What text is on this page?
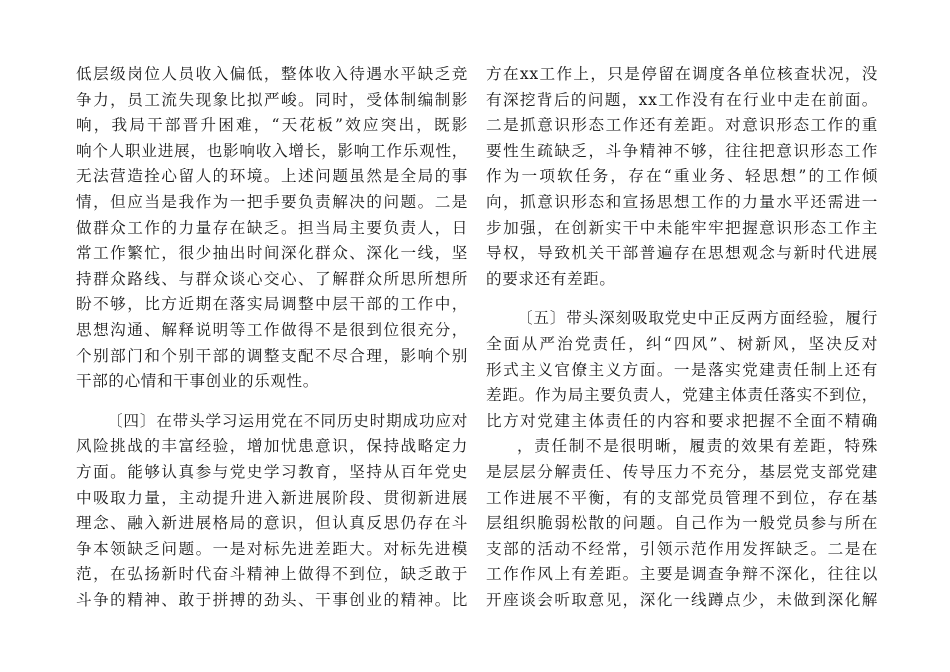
低层级岗位人员收入偏低，整体收入待遇水平缺乏竞
争力，员工流失现象比拟严峻。同时，受体制编制影
响，我局干部晋升困难，“天花板”效应突出，既影
响个人职业进展，也影响收入增长，影响工作乐观性，
无法营造拴心留人的环境。上述问题虽然是全局的事
情，但应当是我作为一把手要负责解决的问题。二是
做群众工作的力量存在缺乏。担当局主要负责人，日
常工作繁忙，很少抽出时间深化群众、深化一线，坚
持群众路线、与群众谈心交心、了解群众所思所想所
盼不够，比方近期在落实局调整中层干部的工作中，
思想沟通、解释说明等工作做得不是很到位很充分，
个别部门和个别干部的调整支配不尽合理，影响个别
干部的心情和干事创业的乐观性。
〔四〕在带头学习运用党在不同历史时期成功应对
风险挑战的丰富经验，增加忧患意识，保持战略定力
方面。能够认真参与党史学习教育，坚持从百年党史
中吸取力量，主动提升进入新进展阶段、贯彻新进展
理念、融入新进展格局的意识，但认真反思仍存在斗
争本领缺乏问题。一是对标先进差距大。对标先进模
范，在弘扬新时代奋斗精神上做得不到位，缺乏敢于
斗争的精神、敢于拼搏的劲头、干事创业的精神。比
方在xx工作上，只是停留在调度各单位核查状况，没
有深挖背后的问题，xx工作没有在行业中走在前面。
二是抓意识形态工作还有差距。对意识形态工作的重
要性生疏缺乏，斗争精神不够，往往把意识形态工作
作为一项软任务，存在“重业务、轻思想”的工作倾
向，抓意识形态和宣扬思想工作的力量水平还需进一
步加强，在创新实干中未能牢牢把握意识形态工作主
导权，导致机关干部普遍存在思想观念与新时代进展
的要求还有差距。
〔五〕带头深刻吸取党史中正反两方面经验，履行
全面从严治党责任，纠“四风”、树新风，坚决反对
形式主义官僚主义方面。一是落实党建责任制上还有
差距。作为局主要负责人，党建主体责任落实不到位，
比方对党建主体责任的内容和要求把握不全面不精确
，责任制不是很明晰，履责的效果有差距，特殊
是层层分解责任、传导压力不充分，基层党支部党建
工作进展不平衡，有的支部党员管理不到位，存在基
层组织脆弱松散的问题。自己作为一般党员参与所在
支部的活动不经常，引领示范作用发挥缺乏。二是在
工作作风上有差距。主要是调查争辩不深化，往往以
开座谈会听取意见，深化一线蹲点少，未做到深化解
